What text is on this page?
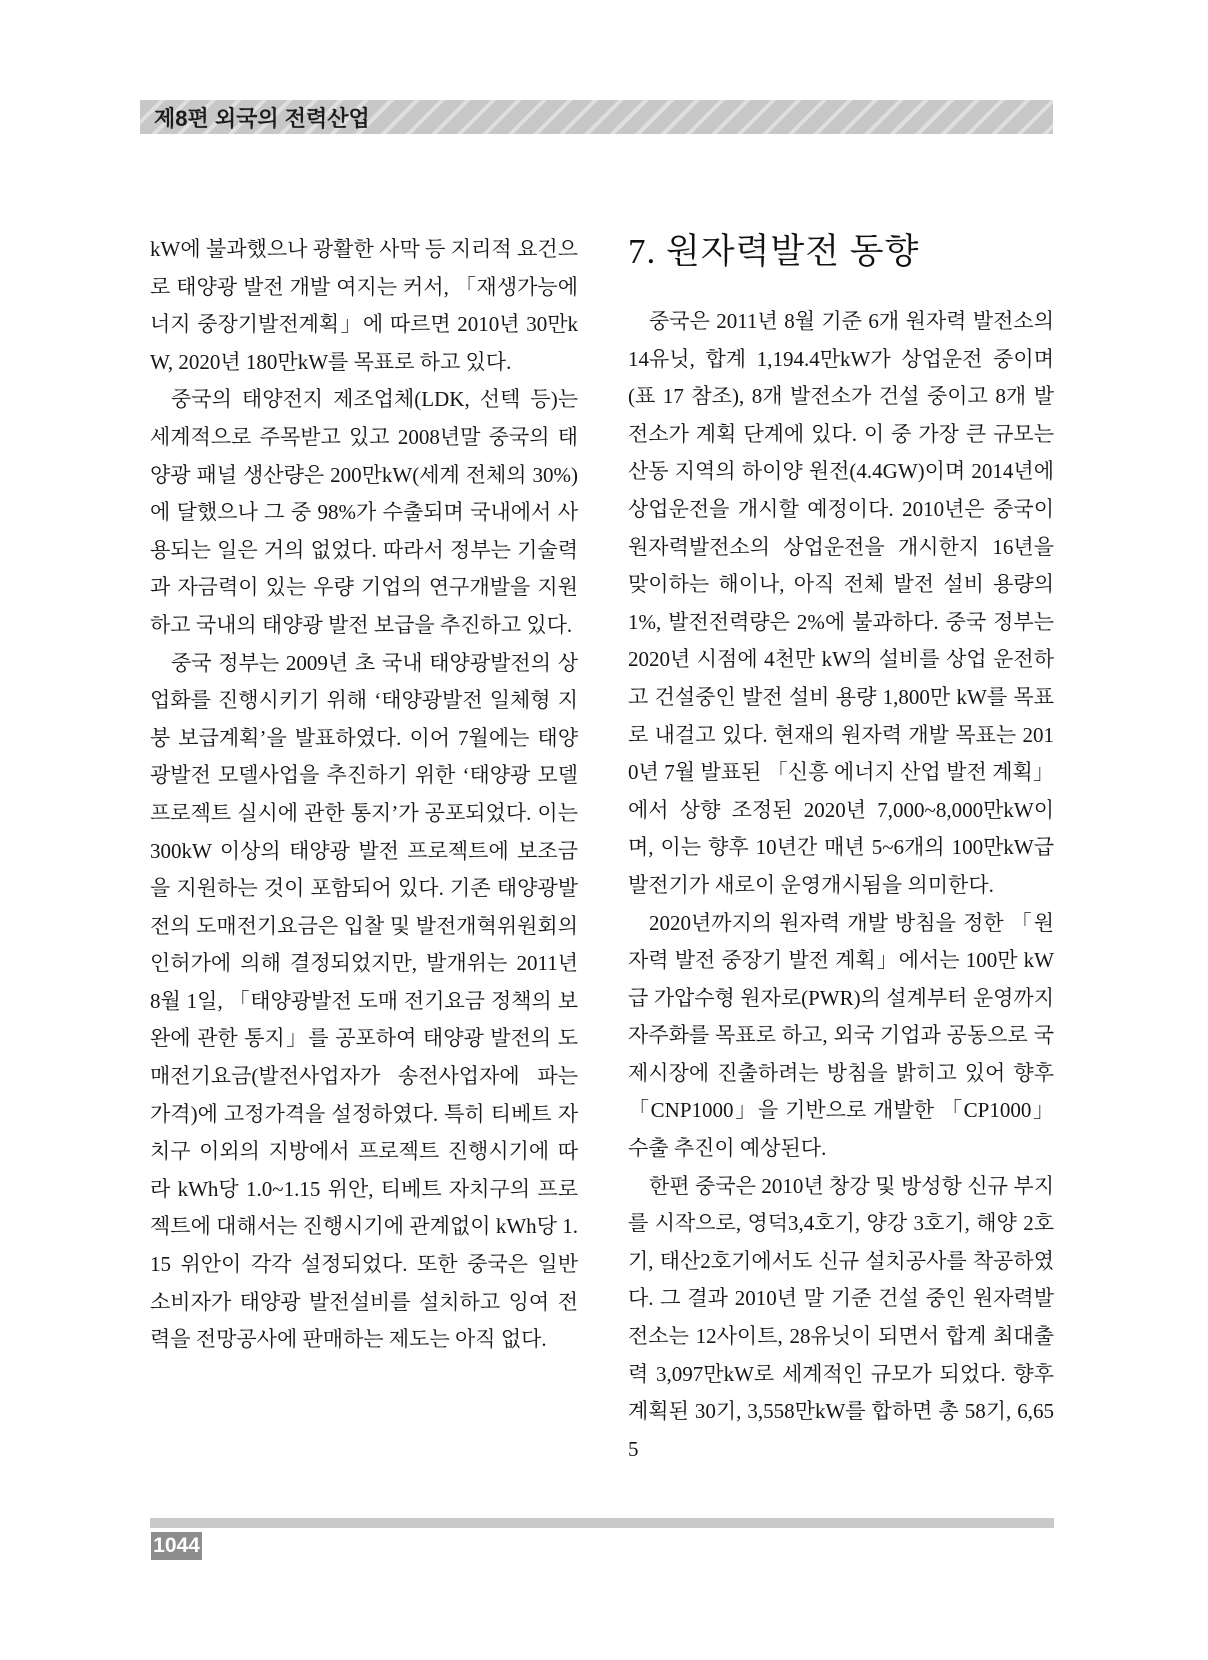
제8편 외국의 전력산업

kW에 불과했으나 광활한 사막 등 지리적 요건으로 태양광 발전 개발 여지는 커서, 「재생가능에너지 중장기발전계획」에 따르면 2010년 30만kW, 2020년 180만kW를 목표로 하고 있다.

중국의 태양전지 제조업체(LDK, 선텍 등)는 세계적으로 주목받고 있고 2008년말 중국의 태양광 패널 생산량은 200만kW(세계 전체의 30%)에 달했으나 그 중 98%가 수출되며 국내에서 사용되는 일은 거의 없었다. 따라서 정부는 기술력과 자금력이 있는 우량 기업의 연구개발을 지원하고 국내의 태양광 발전 보급을 추진하고 있다.

중국 정부는 2009년 초 국내 태양광발전의 상업화를 진행시키기 위해 ‘태양광발전 일체형 지붕 보급계획’을 발표하였다. 이어 7월에는 태양광발전 모델사업을 추진하기 위한 ‘태양광 모델 프로젝트 실시에 관한 통지’가 공포되었다. 이는 300kW 이상의 태양광 발전 프로젝트에 보조금을 지원하는 것이 포함되어 있다. 기존 태양광발전의 도매전기요금은 입찰 및 발전개혁위원회의 인허가에 의해 결정되었지만, 발개위는 2011년 8월 1일, 「태양광발전 도매 전기요금 정책의 보완에 관한 통지」를 공포하여 태양광 발전의 도매전기요금(발전사업자가 송전사업자에 파는 가격)에 고정가격을 설정하였다. 특히 티베트 자치구 이외의 지방에서 프로젝트 진행시기에 따라 kWh당 1.0~1.15 위안, 티베트 자치구의 프로젝트에 대해서는 진행시기에 관계없이 kWh당 1.15 위안이 각각 설정되었다. 또한 중국은 일반 소비자가 태양광 발전설비를 설치하고 잉여 전력을 전망공사에 판매하는 제도는 아직 없다.

7. 원자력발전 동향

중국은 2011년 8월 기준 6개 원자력 발전소의 14유닛, 합계 1,194.4만kW가 상업운전 중이며 (표 17 참조), 8개 발전소가 건설 중이고 8개 발전소가 계획 단계에 있다. 이 중 가장 큰 규모는 산동 지역의 하이양 원전(4.4GW)이며 2014년에 상업운전을 개시할 예정이다. 2010년은 중국이 원자력발전소의 상업운전을 개시한지 16년을 맞이하는 해이나, 아직 전체 발전 설비 용량의 1%, 발전전력량은 2%에 불과하다. 중국 정부는 2020년 시점에 4천만 kW의 설비를 상업 운전하고 건설중인 발전 설비 용량 1,800만 kW를 목표로 내걸고 있다. 현재의 원자력 개발 목표는 2010년 7월 발표된 「신흥 에너지 산업 발전 계획」에서 상향 조정된 2020년 7,000~8,000만kW이며, 이는 향후 10년간 매년 5~6개의 100만kW급 발전기가 새로이 운영개시됨을 의미한다.

2020년까지의 원자력 개발 방침을 정한 「원자력 발전 중장기 발전 계획」에서는 100만 kW급 가압수형 원자로(PWR)의 설계부터 운영까지 자주화를 목표로 하고, 외국 기업과 공동으로 국제시장에 진출하려는 방침을 밝히고 있어 향후 「CNP1000」을 기반으로 개발한 「CP1000」 수출 추진이 예상된다.

한편 중국은 2010년 창강 및 방성항 신규 부지를 시작으로, 영덕3,4호기, 양강 3호기, 해양 2호기, 태산2호기에서도 신규 설치공사를 착공하였다. 그 결과 2010년 말 기준 건설 중인 원자력발전소는 12사이트, 28유닛이 되면서 합계 최대출력 3,097만kW로 세계적인 규모가 되었다. 향후 계획된 30기, 3,558만kW를 합하면 총 58기, 6,655

1044
